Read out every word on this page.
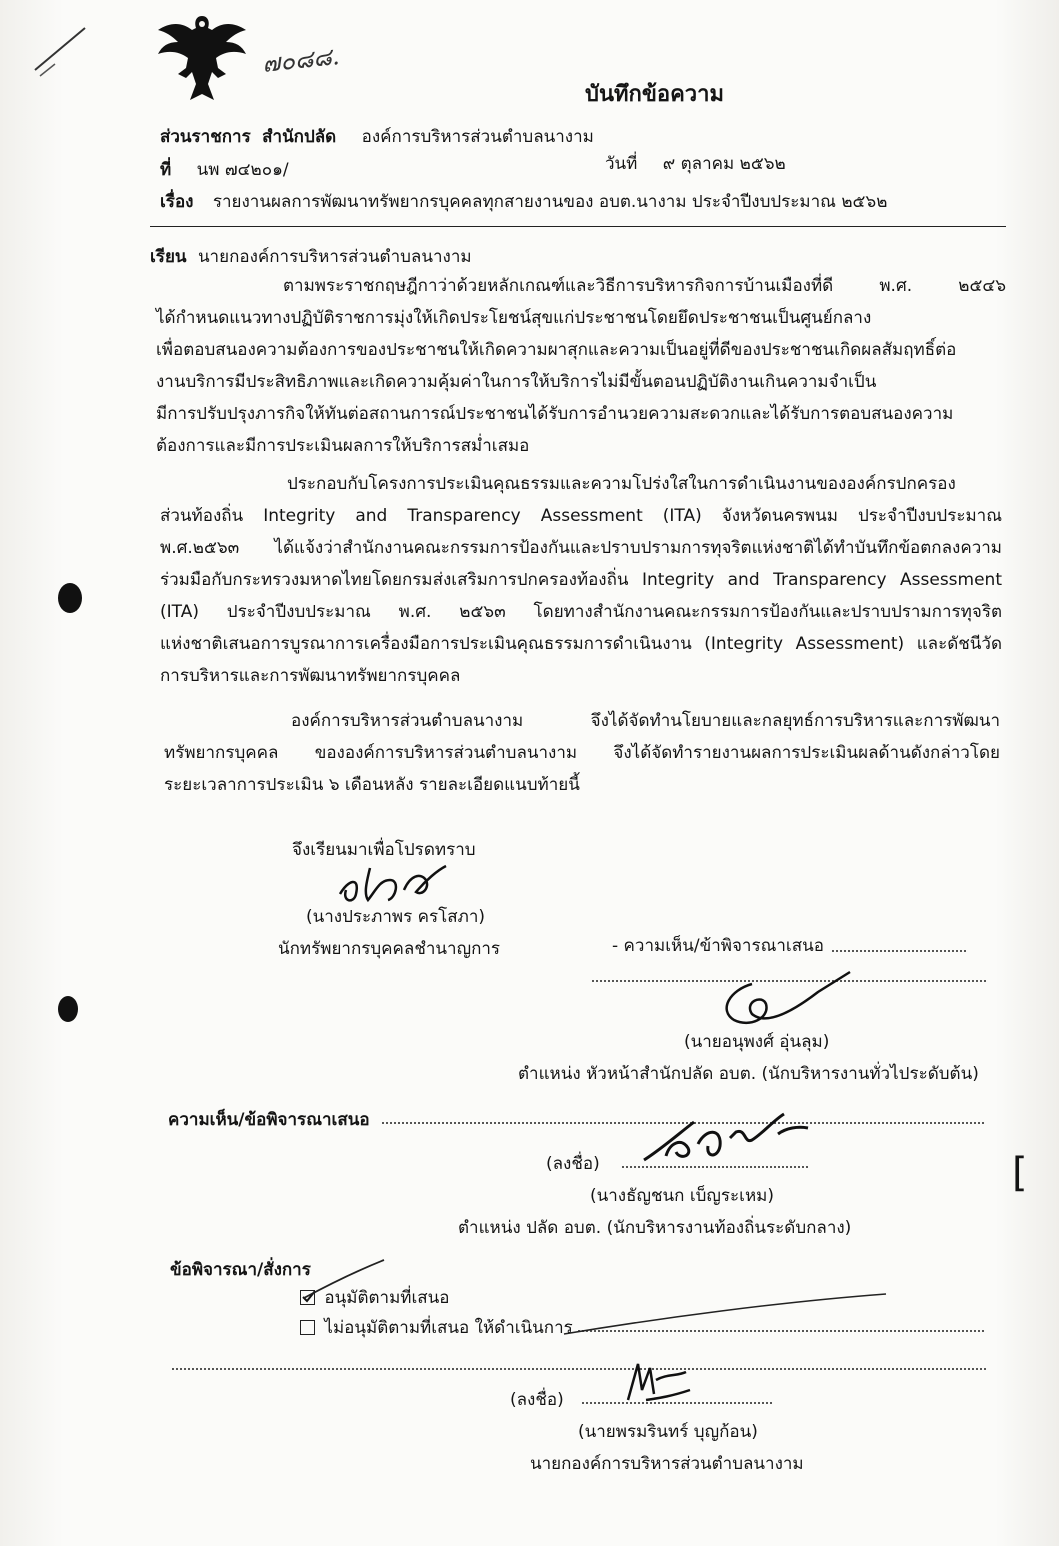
๗๐๘๘.
บันทึกข้อความ
ส่วนราชการ สำนักปลัด องค์การบริหารส่วนตำบลนางาม
ที่ นพ ๗๔๒๐๑/	วันที่ ๙ ตุลาคม ๒๕๖๒
เรื่อง รายงานผลการพัฒนาทรัพยากรบุคคลทุกสายงานของ อบต.นางาม ประจำปีงบประมาณ ๒๕๖๒
เรียน นายกองค์การบริหารส่วนตำบลนางาม
ตามพระราชกฤษฎีกาว่าด้วยหลักเกณฑ์และวิธีการบริหารกิจการบ้านเมืองที่ดี พ.ศ. ๒๕๔๖
ได้กำหนดแนวทางปฏิบัติราชการมุ่งให้เกิดประโยชน์สุขแก่ประชาชนโดยยึดประชาชนเป็นศูนย์กลาง
เพื่อตอบสนองความต้องการของประชาชนให้เกิดความผาสุกและความเป็นอยู่ที่ดีของประชาชนเกิดผลสัมฤทธิ์ต่อ
งานบริการมีประสิทธิภาพและเกิดความคุ้มค่าในการให้บริการไม่มีขั้นตอนปฏิบัติงานเกินความจำเป็น
มีการปรับปรุงภารกิจให้ทันต่อสถานการณ์ประชาชนได้รับการอำนวยความสะดวกและได้รับการตอบสนองความ

ต้องการและมีการประเมินผลการให้บริการสม่ำเสมอ

ประกอบกับโครงการประเมินคุณธรรมและความโปร่งใสในการดำเนินงานขององค์กรปกครอง
ส่วนท้องถิ่น Integrity and Transparency Assessment (ITA) จังหวัดนครพนม ประจำปีงบประมาณ
พ.ศ.๒๕๖๓ ได้แจ้งว่าสำนักงานคณะกรรมการป้องกันและปราบปรามการทุจริตแห่งชาติได้ทำบันทึกข้อตกลงความ
ร่วมมือกับกระทรวงมหาดไทยโดยกรมส่งเสริมการปกครองท้องถิ่น Integrity and Transparency Assessment
(ITA) ประจำปีงบประมาณ พ.ศ. ๒๕๖๓ โดยทางสำนักงานคณะกรรมการป้องกันและปราบปรามการทุจริต
แห่งชาติเสนอการบูรณาการเครื่องมือการประเมินคุณธรรมการดำเนินงาน (Integrity Assessment) และดัชนีวัด

การบริหารและการพัฒนาทรัพยากรบุคคล

องค์การบริหารส่วนตำบลนางาม จึงได้จัดทำนโยบายและกลยุทธ์การบริหารและการพัฒนา
ทรัพยากรบุคคล ขององค์การบริหารส่วนตำบลนางาม จึงได้จัดทำรายงานผลการประเมินผลด้านดังกล่าวโดย

ระยะเวลาการประเมิน ๖ เดือนหลัง รายละเอียดแนบท้ายนี้

จึงเรียนมาเพื่อโปรดทราบ
(นางประภาพร ครโสภา)
นักทรัพยากรบุคคลชำนาญการ	- ความเห็น/ข้าพิจารณาเสนอ
(นายอนุพงศ์ อุ่นลุม)
ตำแหน่ง หัวหน้าสำนักปลัด อบต. (นักบริหารงานทั่วไประดับต้น)
ความเห็น/ข้อพิจารณาเสนอ
(ลงชื่อ)
(นางธัญชนก เบ็ญระเหม)
ตำแหน่ง ปลัด อบต. (นักบริหารงานท้องถิ่นระดับกลาง)
[
ข้อพิจารณา/สั่งการ
อนุมัติตามที่เสนอ
ไม่อนุมัติตามที่เสนอ ให้ดำเนินการ
(ลงชื่อ)
(นายพรมรินทร์ บุญก้อน)
นายกองค์การบริหารส่วนตำบลนางาม
